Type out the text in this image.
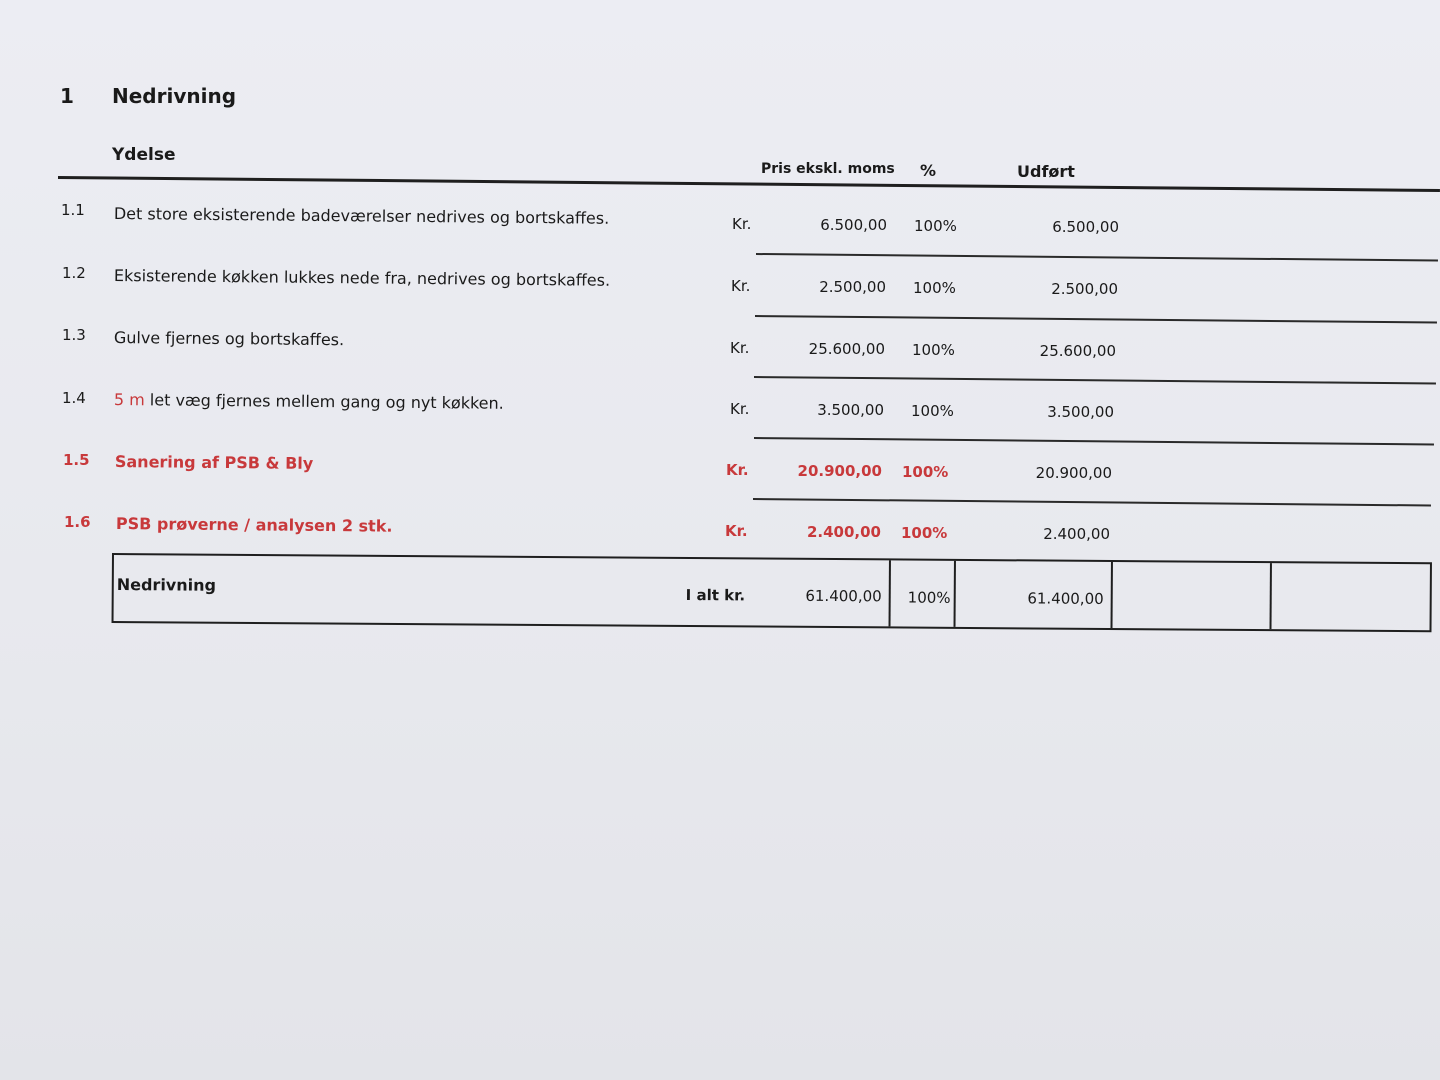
1 Nedrivning
Ydelse
Pris ekskl. moms %	Udført
1.1 Det store eksisterende badeværelser nedrives og bortskaffes.	Kr.	6.500,00 100%	6.500,00
1.2 Eksisterende køkken lukkes nede fra, nedrives og bortskaffes.	Kr.	2.500,00 100%	2.500,00
1.3 Gulve fjernes og bortskaffes.	Kr.	25.600,00 100%	25.600,00
1.4 5 m let væg fjernes mellem gang og nyt køkken.	Kr.	3.500,00 100%	3.500,00
1.5 Sanering af PSB & Bly	Kr.	20.900,00 100%	20.900,00
1.6 PSB prøverne / analysen 2 stk.	Kr.	2.400,00 100%	2.400,00
Nedrivning
I alt kr.	61.400,00 100%	61.400,00
